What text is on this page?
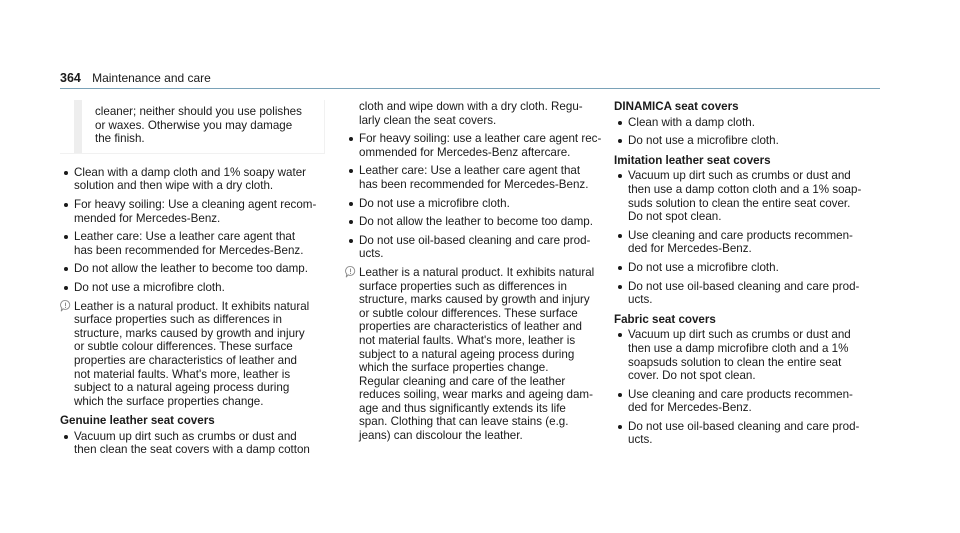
364 Maintenance and care

cleaner; neither should you use polishes
or waxes. Otherwise you may damage
the finish.

Clean with a damp cloth and 1% soapy water
solution and then wipe with a dry cloth.
For heavy soiling: Use a cleaning agent recom-
mended for Mercedes-Benz.
Leather care: Use a leather care agent that
has been recommended for Mercedes-Benz.
Do not allow the leather to become too damp.
Do not use a microfibre cloth.

Leather is a natural product. It exhibits natural
surface properties such as differences in
structure, marks caused by growth and injury
or subtle colour differences. These surface
properties are characteristics of leather and
not material faults. What's more, leather is
subject to a natural ageing process during
which the surface properties change.

Genuine leather seat covers
Vacuum up dirt such as crumbs or dust and
then clean the seat covers with a damp cotton

cloth and wipe down with a dry cloth. Regu-
larly clean the seat covers.

For heavy soiling: use a leather care agent rec-
ommended for Mercedes-Benz aftercare.
Leather care: Use a leather care agent that
has been recommended for Mercedes-Benz.
Do not use a microfibre cloth.
Do not allow the leather to become too damp.
Do not use oil-based cleaning and care prod-
ucts.

Leather is a natural product. It exhibits natural
surface properties such as differences in
structure, marks caused by growth and injury
or subtle colour differences. These surface
properties are characteristics of leather and
not material faults. What's more, leather is
subject to a natural ageing process during
which the surface properties change.
Regular cleaning and care of the leather
reduces soiling, wear marks and ageing dam-
age and thus significantly extends its life
span. Clothing that can leave stains (e.g.
jeans) can discolour the leather.

DINAMICA seat covers
Clean with a damp cloth.
Do not use a microfibre cloth.
Imitation leather seat covers
Vacuum up dirt such as crumbs or dust and
then use a damp cotton cloth and a 1% soap-
suds solution to clean the entire seat cover.
Do not spot clean.
Use cleaning and care products recommen-
ded for Mercedes-Benz.
Do not use a microfibre cloth.
Do not use oil-based cleaning and care prod-
ucts.
Fabric seat covers
Vacuum up dirt such as crumbs or dust and
then use a damp microfibre cloth and a 1%
soapsuds solution to clean the entire seat
cover. Do not spot clean.
Use cleaning and care products recommen-
ded for Mercedes-Benz.
Do not use oil-based cleaning and care prod-
ucts.
